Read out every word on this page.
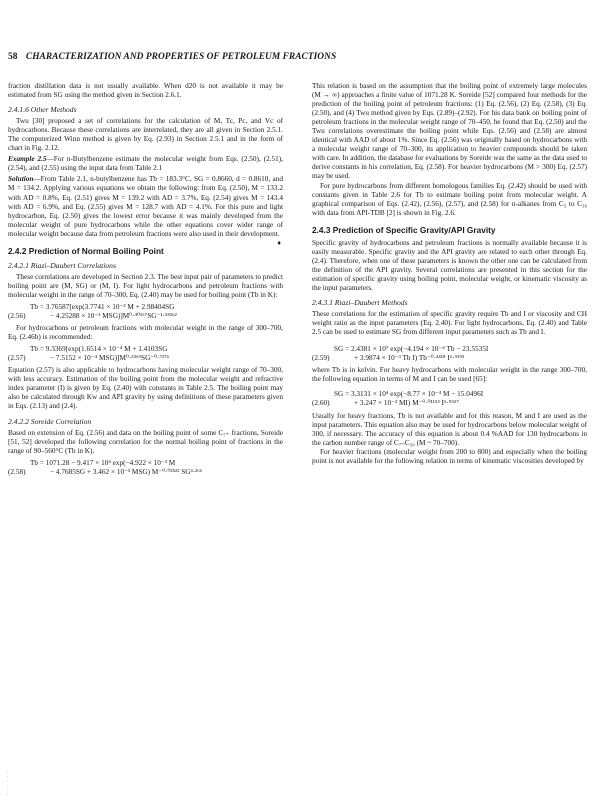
58 CHARACTERIZATION AND PROPERTIES OF PETROLEUM FRACTIONS

fraction distillation data is not usually available. When d20 is not available it may be estimated from SG using the method given in Section 2.6.1.

2.4.1.6 Other Methods

Twu [30] proposed a set of correlations for the calculation of M, Tc, Pc, and Vc of hydrocarbons. Because these correlations are interrelated, they are all given in Section 2.5.1. The computerized Winn method is given by Eq. (2.93) in Section 2.5.1 and in the form of chart in Fig. 2.12.

Example 2.5—For n-Butylbenzene estimate the molecular weight from Eqs. (2.50), (2.51), (2.54), and (2.55) using the input data from Table 2.1

Solution—From Table 2.1, n-butylbenzene has Tb = 183.3°C, SG = 0.8660, d = 0.8610, and M = 134.2. Applying various equations we obtain the following: from Eq. (2.50), M = 133.2 with AD = 0.8%, Eq. (2.51) gives M = 139.2 with AD = 3.7%, Eq. (2.54) gives M = 143.4 with AD = 6.9%, and Eq. (2.55) gives M = 128.7 with AD = 4.1%. For this pure and light hydrocarbon, Eq. (2.50) gives the lowest error because it was mainly developed from the molecular weight of pure hydrocarbons while the other equations cover wider range of molecular weight because data from petroleum fractions were also used in their development.
♦

2.4.2 Prediction of Normal Boiling Point
2.4.2.1 Riazi–Daubert Correlations

These correlations are developed in Section 2.3. The best input pair of parameters to predict boiling point are (M, SG) or (M, I). For light hydrocarbons and petroleum fractions with molecular weight in the range of 70–300, Eq. (2.40) may be used for boiling point (Tb in K):

Tb = 3.76587[exp(3.7741 × 10⁻³ M + 2.98404SG
(2.56)	− 4.25288 × 10⁻³ MSG)]M⁰·⁴⁰¹⁶⁷SG⁻¹·⁵⁸²⁶²

For hydrocarbons or petroleum fractions with molecular weight in the range of 300–700, Eq. (2.46b) is recommended:

Tb = 9.3369[exp(1.6514 × 10⁻⁴ M + 1.4103SG
(2.57)	− 7.5152 × 10⁻⁴ MSG)]M⁰·⁵³⁶⁹SG⁻⁰·⁷²⁷⁶

Equation (2.57) is also applicable to hydrocarbons having molecular weight range of 70–300, with less accuracy. Estimation of the boiling point from the molecular weight and refractive index parameter (I) is given by Eq. (2.40) with constants in Table 2.5. The boiling point may also be calculated through Kw and API gravity by using definitions of these parameters given in Eqs. (2.13) and (2.4).

2.4.2.2 Soreide Correlation

Based on extension of Eq. (2.56) and data on the boiling point of some C₇₊ fractions, Soreide [51, 52] developed the following correlation for the normal boiling point of fractions in the range of 90–560°C (Tb in K).

Tb = 1071.28 − 9.417 × 10⁴ exp(−4.922 × 10⁻³ M
(2.58)	− 4.7685SG + 3.462 × 10⁻³ MSG) M⁻⁰·⁰³⁵²² SG³·²⁶⁶

This relation is based on the assumption that the boiling point of extremely large molecules (M → ∞) approaches a finite value of 1071.28 K. Soreide [52] compared four methods for the prediction of the boiling point of petroleum fractions: (1) Eq. (2.56), (2) Eq. (2.58), (3) Eq. (2.50), and (4) Twu method given by Eqs. (2.89)–(2.92). For his data bank on boiling point of petroleum fractions in the molecular weight range of 70–450, he found that Eq. (2.50) and the Twu correlations overestimate the boiling point while Eqs. (2.56) and (2.58) are almost identical with AAD of about 1%. Since Eq. (2.56) was originally based on hydrocarbons with a molecular weight range of 70–300, its application to heavier compounds should be taken with care. In addition, the database for evaluations by Soreide was the same as the data used to derive constants in his correlation, Eq. (2.58). For heavier hydrocarbons (M > 300) Eq. (2.57) may be used.

For pure hydrocarbons from different homologous families Eq. (2.42) should be used with constants given in Table 2.6 for Tb to estimate boiling point from molecular weight. A graphical comparison of Eqs. (2.42), (2.56), (2.57), and (2.58) for n-alkanes from C₅ to C₃₆ with data from API-TDB [2] is shown in Fig. 2.6.

2.4.3 Prediction of Specific Gravity/API Gravity

Specific gravity of hydrocarbons and petroleum fractions is normally available because it is easily measurable. Specific gravity and the API gravity are related to each other through Eq. (2.4). Therefore, when one of these parameters is known the other one can be calculated from the definition of the API gravity. Several correlations are presented in this section for the estimation of specific gravity using boiling point, molecular weight, or kinematic viscosity as the input parameters.

2.4.3.1 Riazi–Daubert Methods

These correlations for the estimation of specific gravity require Tb and I or viscosity and CH weight ratio as the input parameters (Eq. 2.40). For light hydrocarbons, Eq. (2.40) and Table 2.5 can be used to estimate SG from different input parameters such as Tb and I.

SG = 2.4381 × 10⁷ exp(−4.194 × 10⁻⁴ Tb − 23.5535I
(2.59)	+ 3.9874 × 10⁻³ Tb I) Tb⁻⁰·³⁴¹⁸ I⁶·⁹¹⁹⁵

where Tb is in kelvin. For heavy hydrocarbons with molecular weight in the range 300–700, the following equation in terms of M and I can be used [65]:

SG = 3.3131 × 10⁴ exp(−8.77 × 10⁻⁴ M − 15.0496I
(2.60)	+ 3.247 × 10⁻³ MI) M⁻⁰·⁰¹¹⁵³ I⁶·⁹⁵⁵⁷

Usually for heavy fractions, Tb is not available and for this reason, M and I are used as the input parameters. This equation also may be used for hydrocarbons below molecular weight of 300, if necessary. The accuracy of this equation is about 0.4 %AAD for 130 hydrocarbons in the carbon number range of C₇–C₅₀ (M ~ 70–700).

For heavier fractions (molecular weight from 200 to 800) and especially when the boiling point is not available for the following relation in terms of kinematic viscosities developed by

·
·
·
·
·
·
